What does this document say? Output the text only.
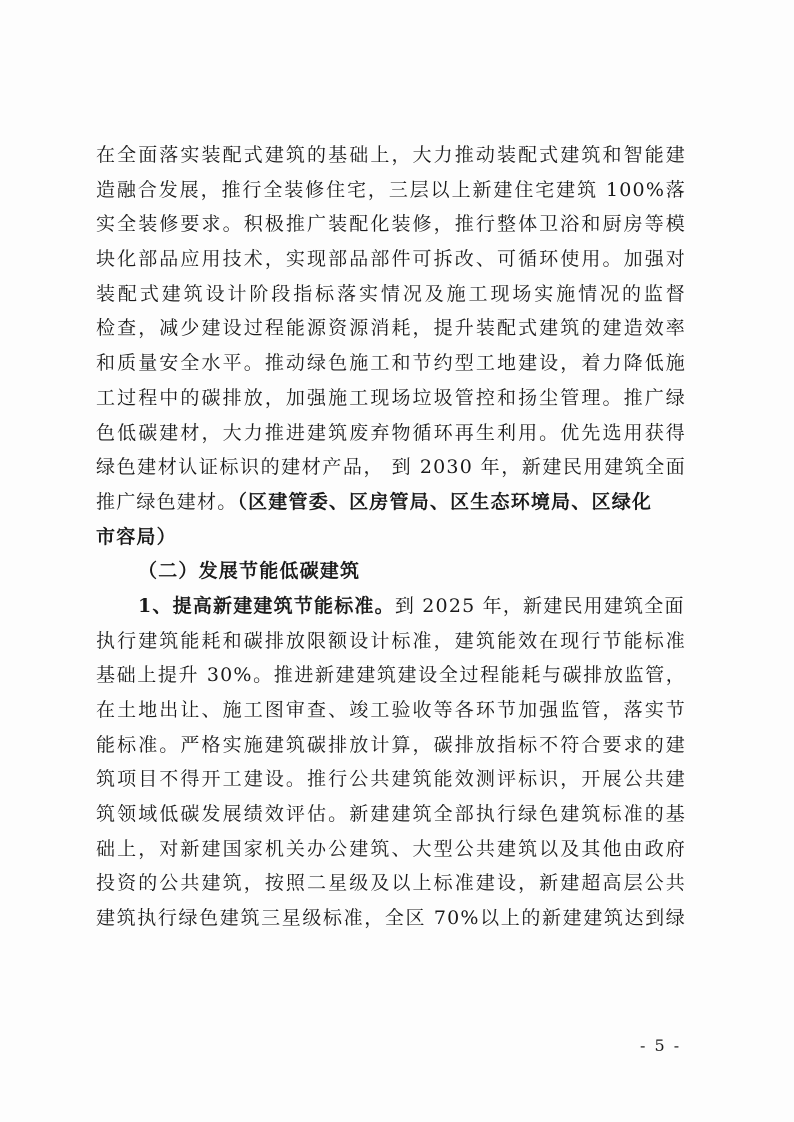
在全面落实装配式建筑的基础上，大力推动装配式建筑和智能建
造融合发展，推行全装修住宅，三层以上新建住宅建筑 100%落
实全装修要求。积极推广装配化装修，推行整体卫浴和厨房等模
块化部品应用技术，实现部品部件可拆改、可循环使用。加强对
装配式建筑设计阶段指标落实情况及施工现场实施情况的监督
检查，减少建设过程能源资源消耗，提升装配式建筑的建造效率
和质量安全水平。推动绿色施工和节约型工地建设，着力降低施
工过程中的碳排放，加强施工现场垃圾管控和扬尘管理。推广绿
色低碳建材，大力推进建筑废弃物循环再生利用。优先选用获得
绿色建材认证标识的建材产品， 到 2030 年，新建民用建筑全面
推广绿色建材。（区建管委、区房管局、区生态环境局、区绿化
市容局）
（二）发展节能低碳建筑
1、提高新建建筑节能标准。到 2025 年，新建民用建筑全面
执行建筑能耗和碳排放限额设计标准，建筑能效在现行节能标准
基础上提升 30%。推进新建建筑建设全过程能耗与碳排放监管，
在土地出让、施工图审查、竣工验收等各环节加强监管，落实节
能标准。严格实施建筑碳排放计算，碳排放指标不符合要求的建
筑项目不得开工建设。推行公共建筑能效测评标识，开展公共建
筑领域低碳发展绩效评估。新建建筑全部执行绿色建筑标准的基
础上，对新建国家机关办公建筑、大型公共建筑以及其他由政府
投资的公共建筑，按照二星级及以上标准建设，新建超高层公共
建筑执行绿色建筑三星级标准，全区 70%以上的新建建筑达到绿
- 5 -
